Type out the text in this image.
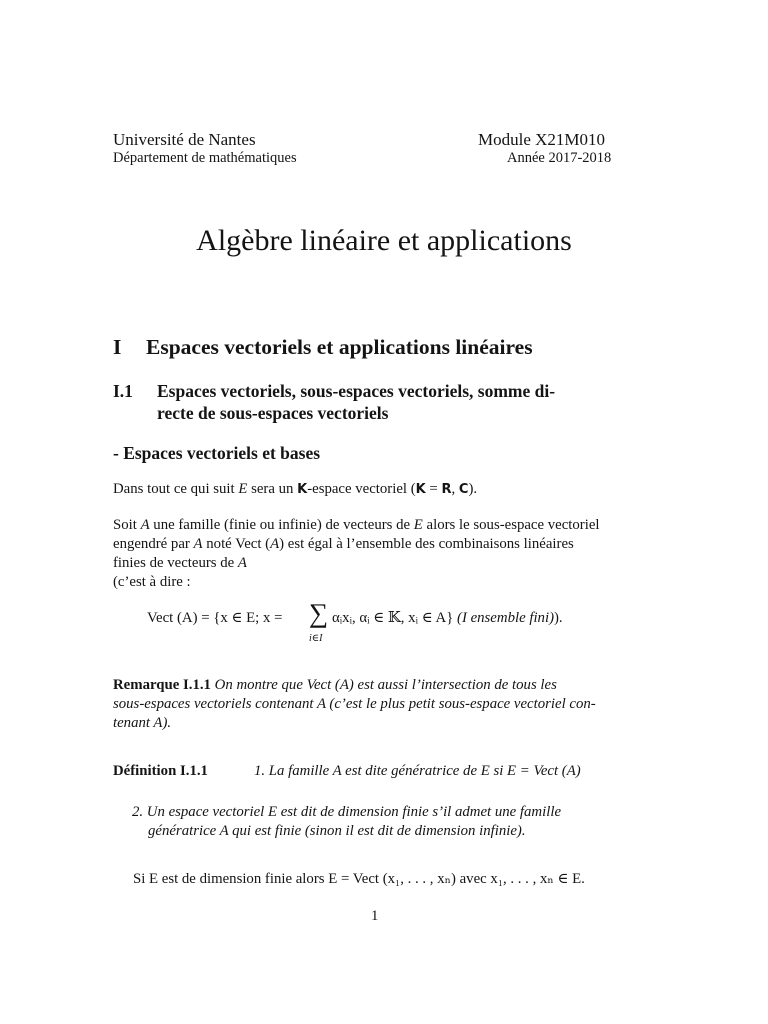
Université de Nantes
Département de mathématiques
Module X21M010
Année 2017-2018
Algèbre linéaire et applications
I Espaces vectoriels et applications linéaires
I.1 Espaces vectoriels, sous-espaces vectoriels, somme di-
recte de sous-espaces vectoriels
- Espaces vectoriels et bases
Dans tout ce qui suit E sera un K-espace vectoriel (K = R, C).
Soit A une famille (finie ou infinie) de vecteurs de E alors le sous-espace vectoriel
engendré par A noté Vect (A) est égal à l’ensemble des combinaisons linéaires
finies de vecteurs de A
(c’est à dire :
Vect (A) = {x ∈ E; x = ∑
i∈I
αᵢxᵢ, αᵢ ∈ 𝕂, xᵢ ∈ A} (I ensemble fini)).
Remarque I.1.1 On montre que Vect (A) est aussi l’intersection de tous les
sous-espaces vectoriels contenant A (c’est le plus petit sous-espace vectoriel con-
tenant A).
Définition I.1.1	1. La famille A est dite génératrice de E si E = Vect (A)
2. Un espace vectoriel E est dit de dimension finie s’il admet une famille
génératrice A qui est finie (sinon il est dit de dimension infinie).
Si E est de dimension finie alors E = Vect (x₁, . . . , xₙ) avec x₁, . . . , xₙ ∈ E.
1
